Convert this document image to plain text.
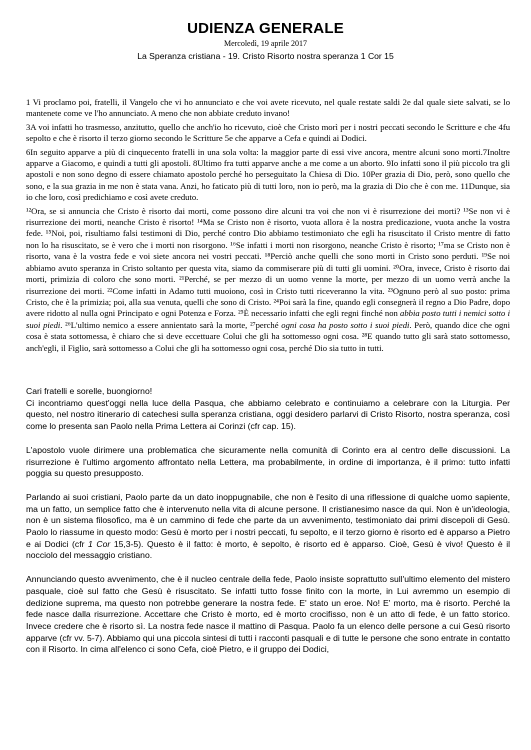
UDIENZA GENERALE
Mercoledì, 19 aprile 2017
La Speranza cristiana - 19. Cristo Risorto nostra speranza 1 Cor 15

1 Vi proclamo poi, fratelli, il Vangelo che vi ho annunciato e che voi avete ricevuto, nel quale restate saldi 2e dal quale siete salvati, se lo mantenete come ve l'ho annunciato. A meno che non abbiate creduto invano!

3A voi infatti ho trasmesso, anzitutto, quello che anch'io ho ricevuto, cioè che Cristo morì per i nostri peccati secondo le Scritture e che 4fu sepolto e che è risorto il terzo giorno secondo le Scritture 5e che apparve a Cefa e quindi ai Dodici.

6In seguito apparve a più di cinquecento fratelli in una sola volta: la maggior parte di essi vive ancora, mentre alcuni sono morti.7Inoltre apparve a Giacomo, e quindi a tutti gli apostoli. 8Ultimo fra tutti apparve anche a me come a un aborto. 9Io infatti sono il più piccolo tra gli apostoli e non sono degno di essere chiamato apostolo perché ho perseguitato la Chiesa di Dio. 10Per grazia di Dio, però, sono quello che sono, e la sua grazia in me non è stata vana. Anzi, ho faticato più di tutti loro, non io però, ma la grazia di Dio che è con me. 11Dunque, sia io che loro, così predichiamo e così avete creduto.

¹²Ora, se si annuncia che Cristo è risorto dai morti, come possono dire alcuni tra voi che non vi è risurrezione dei morti? ¹³Se non vi è risurrezione dei morti, neanche Cristo è risorto! ¹⁴Ma se Cristo non è risorto, vuota allora è la nostra predicazione, vuota anche la vostra fede. ¹⁵Noi, poi, risultiamo falsi testimoni di Dio, perché contro Dio abbiamo testimoniato che egli ha risuscitato il Cristo mentre di fatto non lo ha risuscitato, se è vero che i morti non risorgono. ¹⁶Se infatti i morti non risorgono, neanche Cristo è risorto; ¹⁷ma se Cristo non è risorto, vana è la vostra fede e voi siete ancora nei vostri peccati. ¹⁸Perciò anche quelli che sono morti in Cristo sono perduti. ¹⁹Se noi abbiamo avuto speranza in Cristo soltanto per questa vita, siamo da commiserare più di tutti gli uomini. ²⁰Ora, invece, Cristo è risorto dai morti, primizia di coloro che sono morti. ²¹Perché, se per mezzo di un uomo venne la morte, per mezzo di un uomo verrà anche la risurrezione dei morti. ²²Come infatti in Adamo tutti muoiono, così in Cristo tutti riceveranno la vita. ²³Ognuno però al suo posto: prima Cristo, che è la primizia; poi, alla sua venuta, quelli che sono di Cristo. ²⁴Poi sarà la fine, quando egli consegnerà il regno a Dio Padre, dopo avere ridotto al nulla ogni Principato e ogni Potenza e Forza. ²⁵È necessario infatti che egli regni finché non abbia posto tutti i nemici sotto i suoi piedi. ²⁶L'ultimo nemico a essere annientato sarà la morte, ²⁷perché ogni cosa ha posto sotto i suoi piedi. Però, quando dice che ogni cosa è stata sottomessa, è chiaro che si deve eccettuare Colui che gli ha sottomesso ogni cosa. ²⁸E quando tutto gli sarà stato sottomesso, anch'egli, il Figlio, sarà sottomesso a Colui che gli ha sottomesso ogni cosa, perché Dio sia tutto in tutti.

Cari fratelli e sorelle, buongiorno!

Ci incontriamo quest'oggi nella luce della Pasqua, che abbiamo celebrato e continuiamo a celebrare con la Liturgia. Per questo, nel nostro itinerario di catechesi sulla speranza cristiana, oggi desidero parlarvi di Cristo Risorto, nostra speranza, così come lo presenta san Paolo nella Prima Lettera ai Corinzi (cfr cap. 15).

L'apostolo vuole dirimere una problematica che sicuramente nella comunità di Corinto era al centro delle discussioni. La risurrezione è l'ultimo argomento affrontato nella Lettera, ma probabilmente, in ordine di importanza, è il primo: tutto infatti poggia su questo presupposto.

Parlando ai suoi cristiani, Paolo parte da un dato inoppugnabile, che non è l'esito di una riflessione di qualche uomo sapiente, ma un fatto, un semplice fatto che è intervenuto nella vita di alcune persone. Il cristianesimo nasce da qui. Non è un'ideologia, non è un sistema filosofico, ma è un cammino di fede che parte da un avvenimento, testimoniato dai primi discepoli di Gesù. Paolo lo riassume in questo modo: Gesù è morto per i nostri peccati, fu sepolto, e il terzo giorno è risorto ed è apparso a Pietro e ai Dodici (cfr 1 Cor 15,3-5). Questo è il fatto: è morto, è sepolto, è risorto ed è apparso. Cioè, Gesù è vivo! Questo è il nocciolo del messaggio cristiano.

Annunciando questo avvenimento, che è il nucleo centrale della fede, Paolo insiste soprattutto sull'ultimo elemento del mistero pasquale, cioè sul fatto che Gesù è risuscitato. Se infatti tutto fosse finito con la morte, in Lui avremmo un esempio di dedizione suprema, ma questo non potrebbe generare la nostra fede. E' stato un eroe. No! E' morto, ma è risorto. Perché la fede nasce dalla risurrezione. Accettare che Cristo è morto, ed è morto crocifisso, non è un atto di fede, è un fatto storico. Invece credere che è risorto sì. La nostra fede nasce il mattino di Pasqua. Paolo fa un elenco delle persone a cui Gesù risorto apparve (cfr vv. 5-7). Abbiamo qui una piccola sintesi di tutti i racconti pasquali e di tutte le persone che sono entrate in contatto con il Risorto. In cima all'elenco ci sono Cefa, cioè Pietro, e il gruppo dei Dodici,
